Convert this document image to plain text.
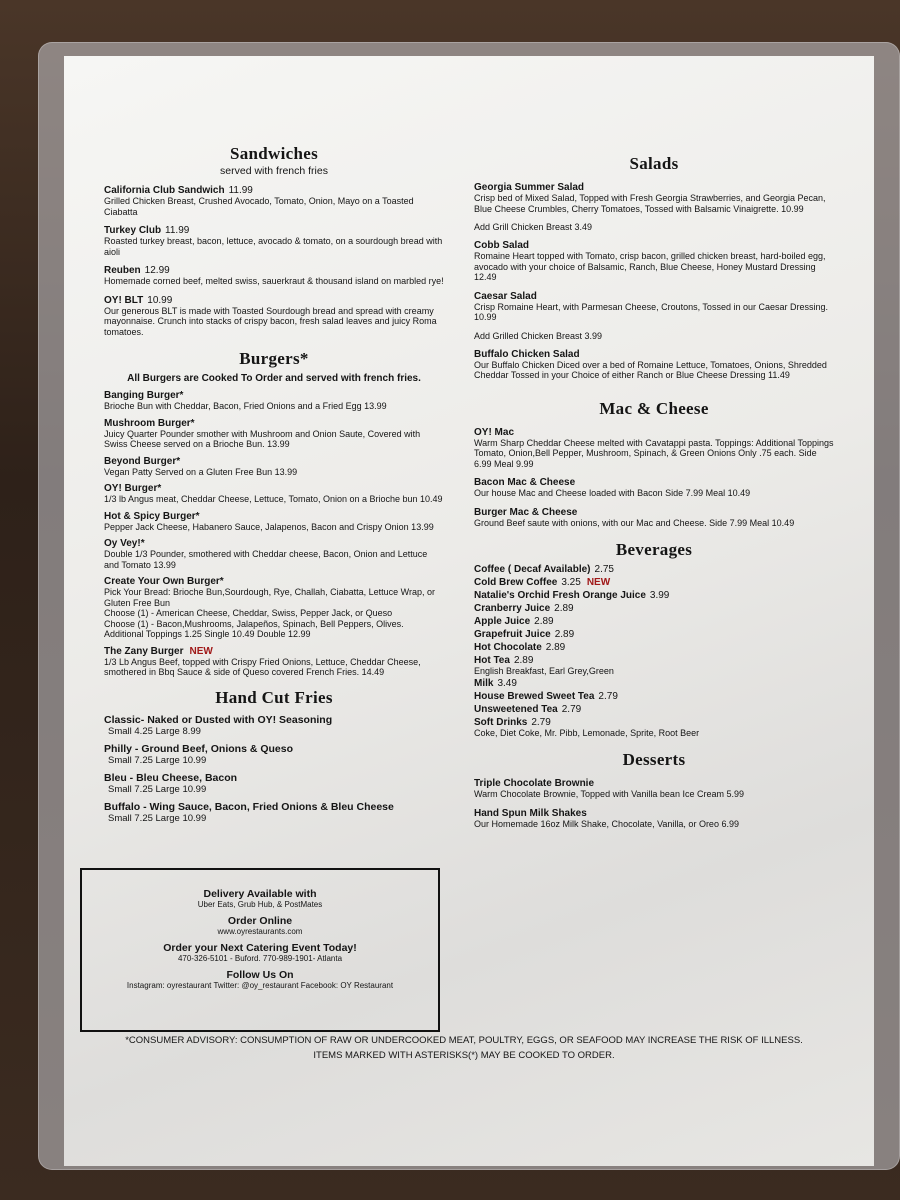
Sandwiches
served with french fries
California Club Sandwich 11.99
Grilled Chicken Breast, Crushed Avocado, Tomato, Onion, Mayo on a Toasted Ciabatta
Turkey Club 11.99
Roasted turkey breast, bacon, lettuce, avocado & tomato, on a sourdough bread with aioli
Reuben 12.99
Homemade corned beef, melted swiss, sauerkraut & thousand island on marbled rye!
OY! BLT 10.99
Our generous BLT is made with Toasted Sourdough bread and spread with creamy mayonnaise. Crunch into stacks of crispy bacon, fresh salad leaves and juicy Roma tomatoes.
Burgers*
All Burgers are Cooked To Order and served with french fries.
Banging Burger*
Brioche Bun with Cheddar, Bacon, Fried Onions and a Fried Egg 13.99
Mushroom Burger*
Juicy Quarter Pounder smother with Mushroom and Onion Saute, Covered with Swiss Cheese served on a Brioche Bun. 13.99
Beyond Burger*
Vegan Patty Served on a Gluten Free Bun 13.99
OY! Burger*
1/3 lb Angus meat, Cheddar Cheese, Lettuce, Tomato, Onion on a Brioche bun 10.49
Hot & Spicy Burger*
Pepper Jack Cheese, Habanero Sauce, Jalapenos, Bacon and Crispy Onion 13.99
Oy Vey!*
Double 1/3 Pounder, smothered with Cheddar cheese, Bacon, Onion and Lettuce and Tomato 13.99
Create Your Own Burger*
Pick Your Bread: Brioche Bun,Sourdough, Rye, Challah, Ciabatta, Lettuce Wrap, or Gluten Free Bun
Choose (1) - American Cheese, Cheddar, Swiss, Pepper Jack, or Queso
Choose (1) - Bacon,Mushrooms, Jalapeños, Spinach, Bell Peppers, Olives.
Additional Toppings 1.25 Single 10.49 Double 12.99
The Zany Burger NEW
1/3 Lb Angus Beef, topped with Crispy Fried Onions, Lettuce, Cheddar Cheese, smothered in Bbq Sauce & side of Queso covered French Fries. 14.49
Hand Cut Fries
Classic- Naked or Dusted with OY! Seasoning
Small 4.25 Large 8.99
Philly - Ground Beef, Onions & Queso
Small 7.25 Large 10.99
Bleu - Bleu Cheese, Bacon
Small 7.25 Large 10.99
Buffalo - Wing Sauce, Bacon, Fried Onions & Bleu Cheese
Small 7.25 Large 10.99
Delivery Available with
Uber Eats, Grub Hub, & PostMates
Order Online
www.oyrestaurants.com
Order your Next Catering Event Today!
470-326-5101 - Buford. 770-989-1901- Atlanta
Follow Us On
Instagram: oyrestaurant Twitter: @oy_restaurant Facebook: OY Restaurant
Salads
Georgia Summer Salad
Crisp bed of Mixed Salad, Topped with Fresh Georgia Strawberries, and Georgia Pecan, Blue Cheese Crumbles, Cherry Tomatoes, Tossed with Balsamic Vinaigrette. 10.99
Add Grill Chicken Breast 3.49
Cobb Salad
Romaine Heart topped with Tomato, crisp bacon, grilled chicken breast, hard-boiled egg, avocado with your choice of Balsamic, Ranch, Blue Cheese, Honey Mustard Dressing 12.49
Caesar Salad
Crisp Romaine Heart, with Parmesan Cheese, Croutons, Tossed in our Caesar Dressing. 10.99
Add Grilled Chicken Breast 3.99
Buffalo Chicken Salad
Our Buffalo Chicken Diced over a bed of Romaine Lettuce, Tomatoes, Onions, Shredded Cheddar Tossed in your Choice of either Ranch or Blue Cheese Dressing 11.49
Mac & Cheese
OY! Mac
Warm Sharp Cheddar Cheese melted with Cavatappi pasta. Toppings: Additional Toppings Tomato, Onion,Bell Pepper, Mushroom, Spinach, & Green Onions Only .75 each. Side 6.99 Meal 9.99
Bacon Mac & Cheese
Our house Mac and Cheese loaded with Bacon Side 7.99 Meal 10.49
Burger Mac & Cheese
Ground Beef saute with onions, with our Mac and Cheese. Side 7.99 Meal 10.49
Beverages
Coffee ( Decaf Available) 2.75
Cold Brew Coffee 3.25 NEW
Natalie's Orchid Fresh Orange Juice 3.99
Cranberry Juice 2.89
Apple Juice 2.89
Grapefruit Juice 2.89
Hot Chocolate 2.89
Hot Tea 2.89
English Breakfast, Earl Grey,Green
Milk 3.49
House Brewed Sweet Tea 2.79
Unsweetened Tea 2.79
Soft Drinks 2.79
Coke, Diet Coke, Mr. Pibb, Lemonade, Sprite, Root Beer
Desserts
Triple Chocolate Brownie
Warm Chocolate Brownie, Topped with Vanilla bean Ice Cream 5.99
Hand Spun Milk Shakes
Our Homemade 16oz Milk Shake, Chocolate, Vanilla, or Oreo 6.99
*CONSUMER ADVISORY: CONSUMPTION OF RAW OR UNDERCOOKED MEAT, POULTRY, EGGS, OR SEAFOOD MAY INCREASE THE RISK OF ILLNESS.
ITEMS MARKED WITH ASTERISKS(*) MAY BE COOKED TO ORDER.
